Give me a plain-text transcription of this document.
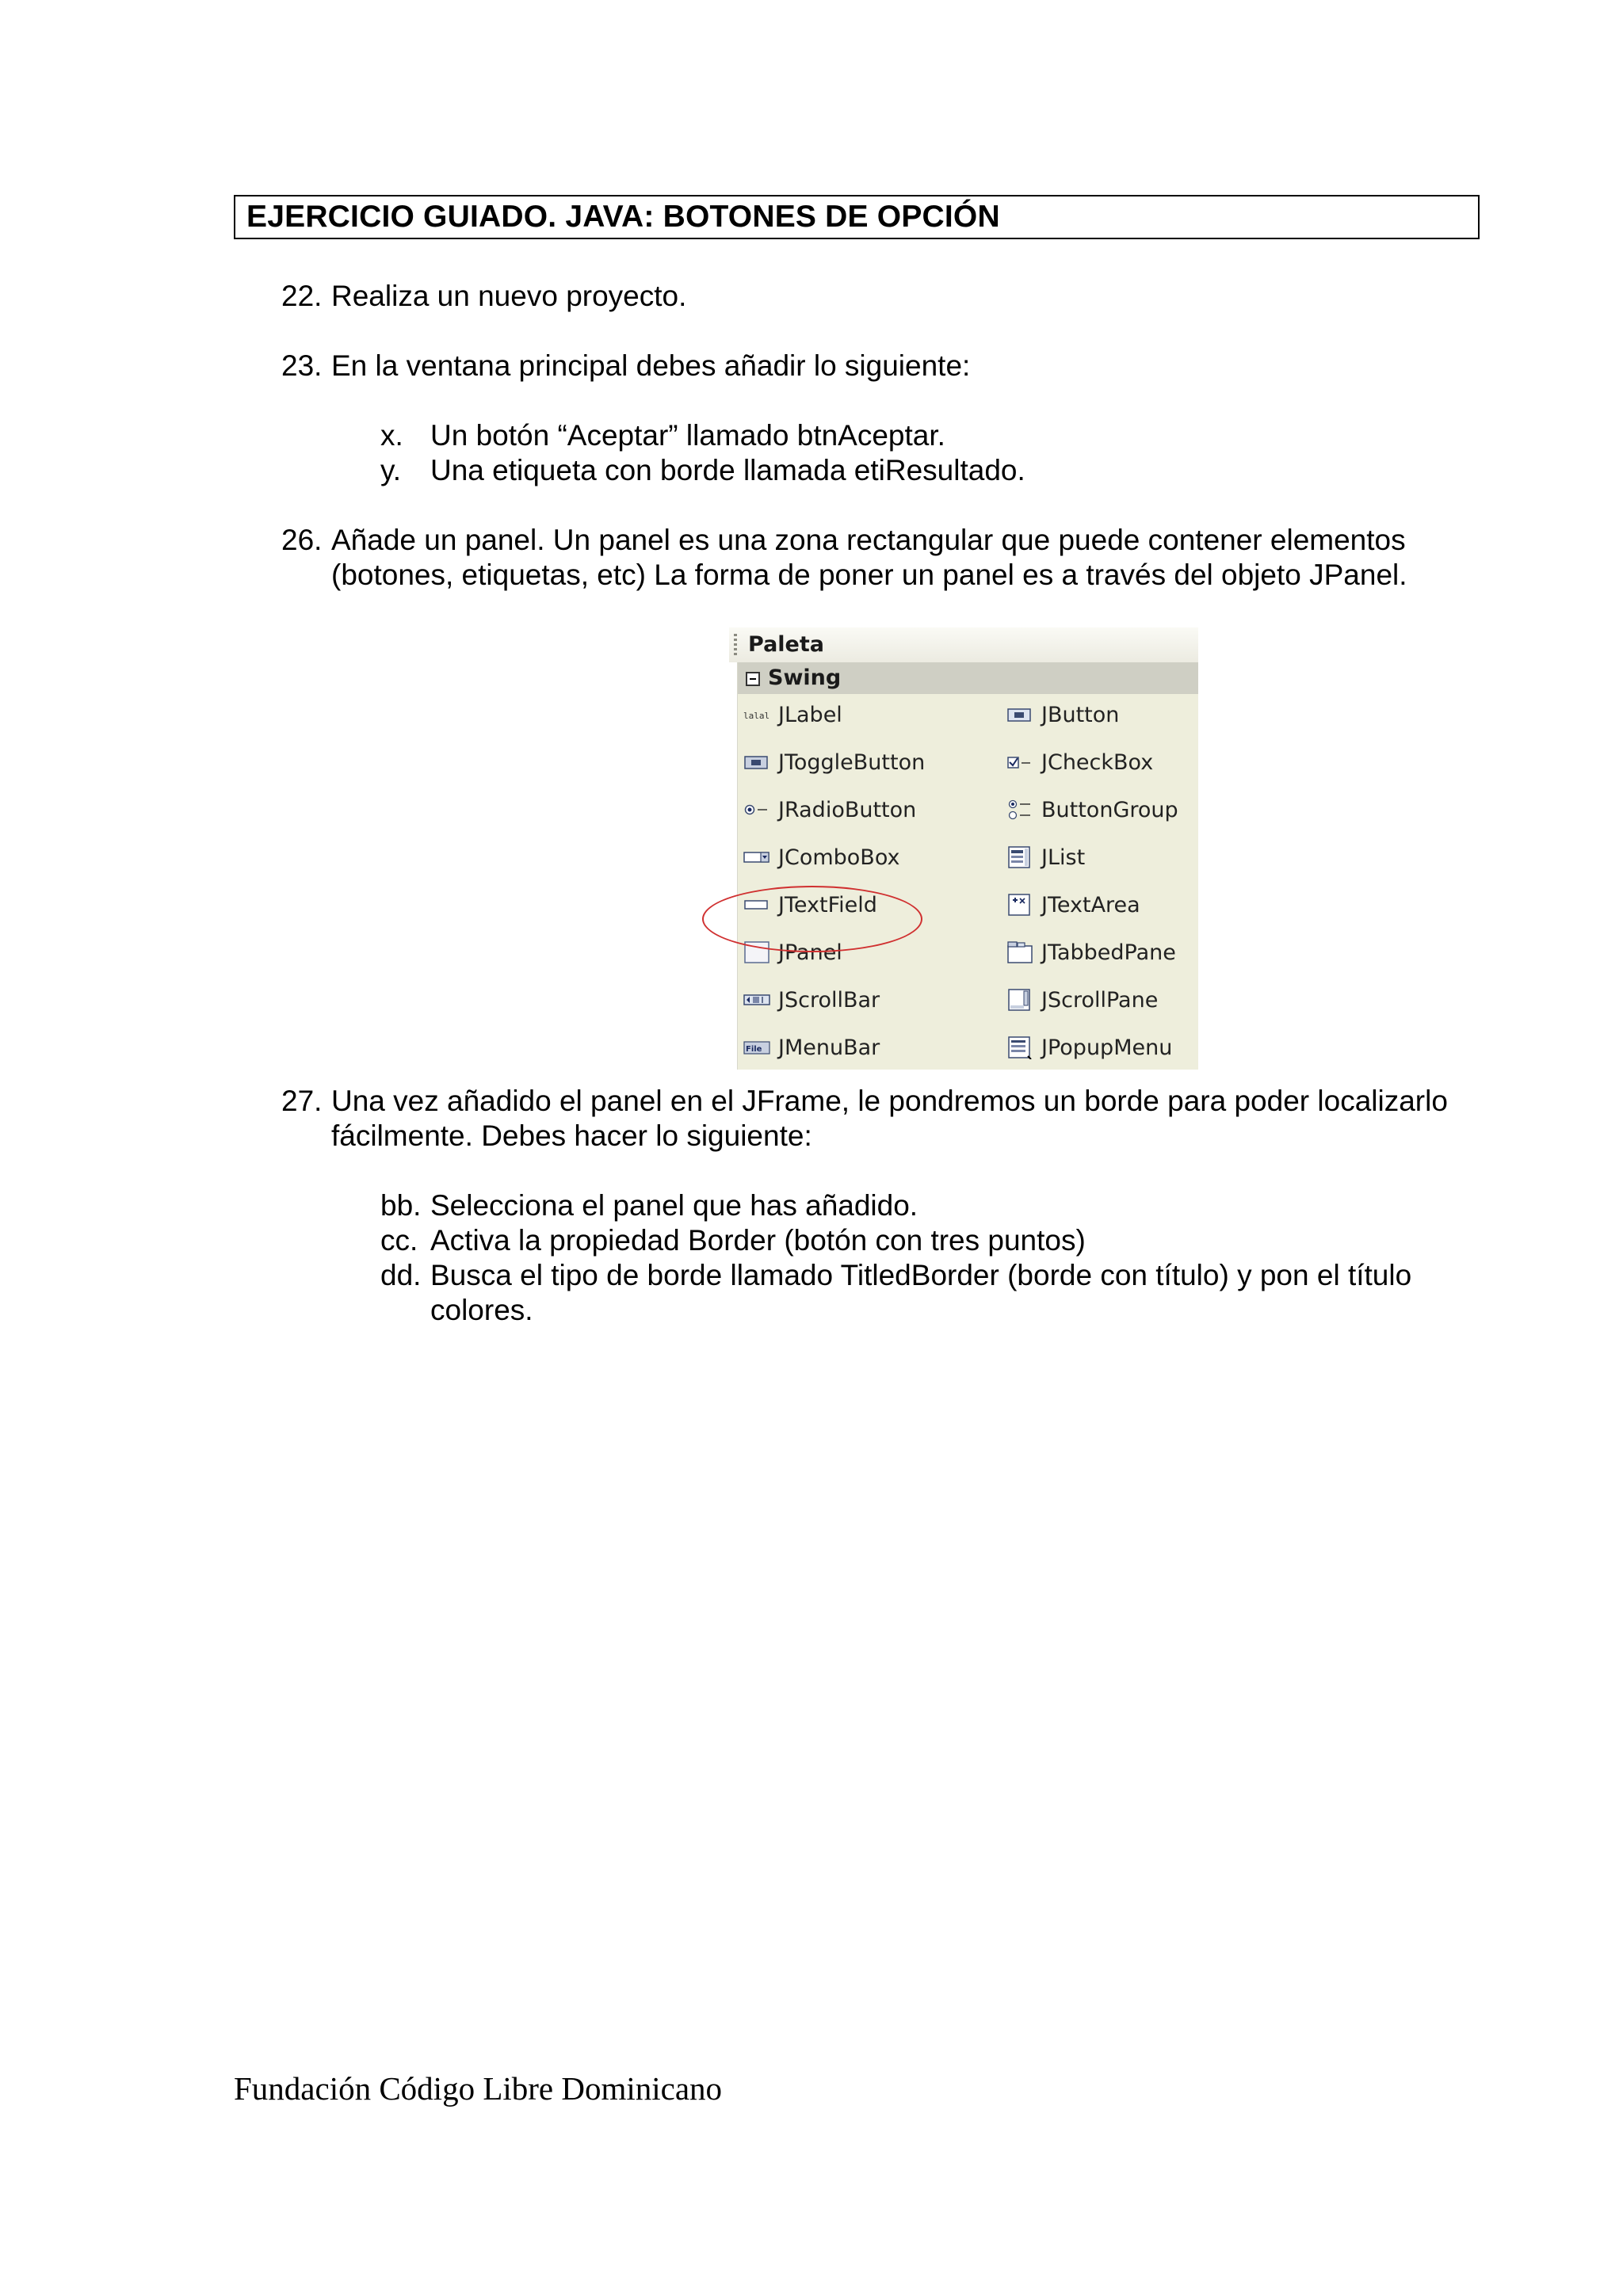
EJERCICIO GUIADO. JAVA: BOTONES DE OPCIÓN
22. Realiza un nuevo proyecto.
23. En la ventana principal debes añadir lo siguiente:
x. Un botón “Aceptar” llamado btnAceptar.
y. Una etiqueta con borde llamada etiResultado.
26. Añade un panel. Un panel es una zona rectangular que puede contener elementos
(botones, etiquetas, etc) La forma de poner un panel es a través del objeto JPanel.
Paleta
Swing
lalal JLabel	JButton
JToggleButton	JCheckBox
JRadioButton	ButtonGroup
JComboBox	JList
JTextField	JTextArea
JPanel	JTabbedPane
JScrollBar	JScrollPane
File JMenuBar	JPopupMenu
27. Una vez añadido el panel en el JFrame, le pondremos un borde para poder localizarlo
fácilmente. Debes hacer lo siguiente:
bb. Selecciona el panel que has añadido.
cc. Activa la propiedad Border (botón con tres puntos)
dd. Busca el tipo de borde llamado TitledBorder (borde con título) y pon el título
colores.
Fundación Código Libre Dominicano
